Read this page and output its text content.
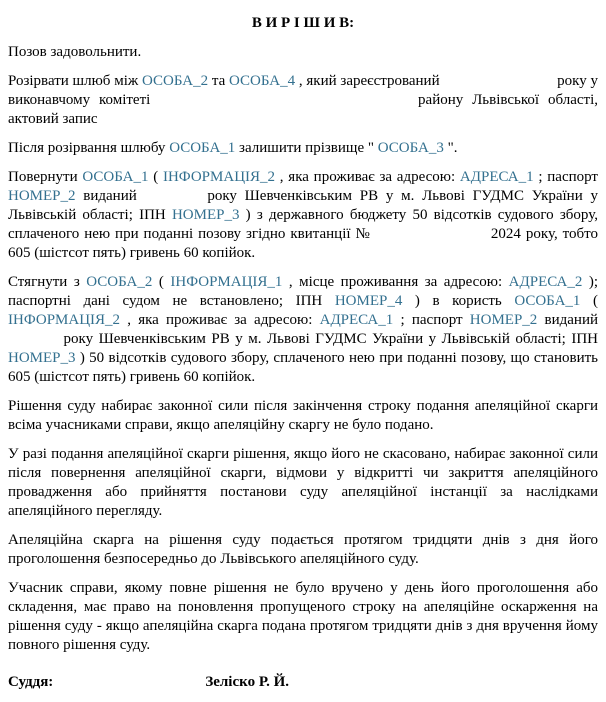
В И Р І Ш И В:

Позов задовольнити.

Розірвати шлюб між ОСОБА_2 та ОСОБА_4 , який зареєстрований	року у виконавчому комітеті	району Львівської області, актовий запис

Після розірвання шлюбу ОСОБА_1 залишити прізвище " ОСОБА_3 ".

Повернути ОСОБА_1 ( ІНФОРМАЦІЯ_2 , яка проживає за адресою: АДРЕСА_1 ; паспорт НОМЕР_2 виданий	року Шевченківським РВ у м. Львові ГУДМС України у Львівській області; ІПН НОМЕР_3 ) з державного бюджету 50 відсотків судового збору, сплаченого нею при поданні позову згідно квитанції №	2024 року, тобто 605 (шістсот пять) гривень 60 копійок.

Стягнути з ОСОБА_2 ( ІНФОРМАЦІЯ_1 , місце проживання за адресою: АДРЕСА_2 ); паспортні дані судом не встановлено; ІПН НОМЕР_4 ) в користь ОСОБА_1 ( ІНФОРМАЦІЯ_2 , яка проживає за адресою: АДРЕСА_1 ; паспорт НОМЕР_2 виданий  року Шевченківським РВ у м. Львові ГУДМС України у Львівській області; ІПН НОМЕР_3 ) 50 відсотків судового збору, сплаченого нею при поданні позову, що становить 605 (шістсот пять) гривень 60 копійок.

Рішення суду набирає законної сили після закінчення строку подання апеляційної скарги всіма учасниками справи, якщо апеляційну скаргу не було подано.

У разі подання апеляційної скарги рішення, якщо його не скасовано, набирає законної сили після повернення апеляційної скарги, відмови у відкритті чи закриття апеляційного провадження або прийняття постанови суду апеляційної інстанції за наслідками апеляційного перегляду.

Апеляційна скарга на рішення суду подається протягом тридцяти днів з дня його проголошення безпосередньо до Львівського апеляційного суду.

Учасник справи, якому повне рішення не було вручено у день його проголошення або складення, має право на поновлення пропущеного строку на апеляційне оскарження на рішення суду - якщо апеляційна скарга подана протягом тридцяти днів з дня вручення йому повного рішення суду.

Суддя:	Зеліско Р. Й.
